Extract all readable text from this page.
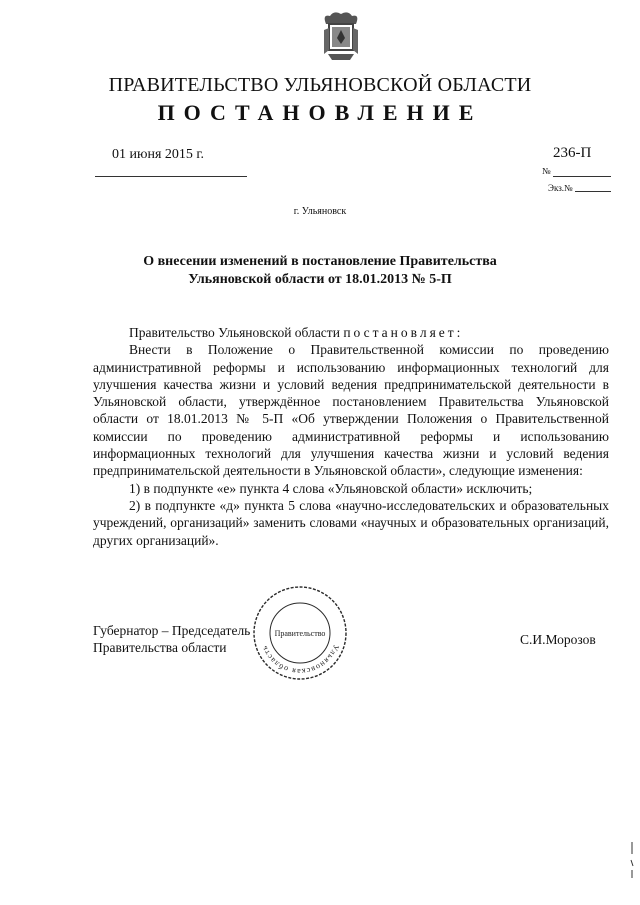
ПРАВИТЕЛЬСТВО УЛЬЯНОВСКОЙ ОБЛАСТИ
ПОСТАНОВЛЕНИЕ
01 июня 2015 г.	236-П
№
Экз.№
г. Ульяновск
О внесении изменений в постановление Правительства
Ульяновской области от 18.01.2013 № 5-П

Правительство Ульяновской области постановляет:

Внести в Положение о Правительственной комиссии по проведению административной реформы и использованию информационных технологий для улучшения качества жизни и условий ведения предпринимательской деятельности в Ульяновской области, утверждённое постановлением Правительства Ульяновской области от 18.01.2013 № 5-П «Об утверждении Положения о Правительственной комиссии по проведению административной реформы и использованию информационных технологий для улучшения качества жизни и условий ведения предпринимательской деятельности в Ульяновской области», следующие изменения:

1) в подпункте «е» пункта 4 слова «Ульяновской области» исключить;

2) в подпункте «д» пункта 5 слова «научно-исследовательских и образовательных учреждений, организаций» заменить словами «научных и образовательных организаций, других организаций».

Губернатор – Председатель
Правительства области
С.И.Морозов
Ульяновская область
Правительство
